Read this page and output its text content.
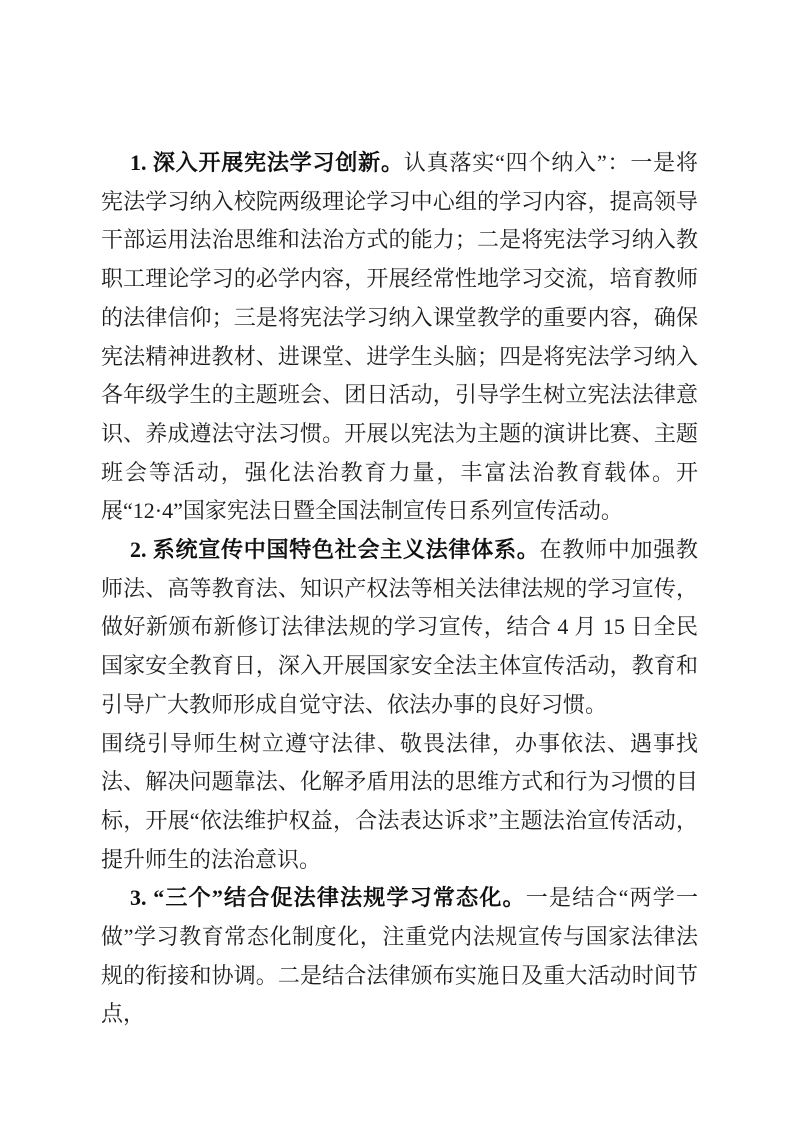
1. 深入开展宪法学习创新。认真落实“四个纳入”：一是将宪法学习纳入校院两级理论学习中心组的学习内容，提高领导干部运用法治思维和法治方式的能力；二是将宪法学习纳入教职工理论学习的必学内容，开展经常性地学习交流，培育教师的法律信仰；三是将宪法学习纳入课堂教学的重要内容，确保宪法精神进教材、进课堂、进学生头脑；四是将宪法学习纳入各年级学生的主题班会、团日活动，引导学生树立宪法法律意识、养成遵法守法习惯。开展以宪法为主题的演讲比赛、主题班会等活动，强化法治教育力量，丰富法治教育载体。开展“12·4”国家宪法日暨全国法制宣传日系列宣传活动。

2. 系统宣传中国特色社会主义法律体系。在教师中加强教师法、高等教育法、知识产权法等相关法律法规的学习宣传，做好新颁布新修订法律法规的学习宣传，结合 4 月 15 日全民国家安全教育日，深入开展国家安全法主体宣传活动，教育和引导广大教师形成自觉守法、依法办事的良好习惯。

围绕引导师生树立遵守法律、敬畏法律，办事依法、遇事找法、解决问题靠法、化解矛盾用法的思维方式和行为习惯的目标，开展“依法维护权益，合法表达诉求”主题法治宣传活动，提升师生的法治意识。

3. “三个”结合促法律法规学习常态化。一是结合“两学一做”学习教育常态化制度化，注重党内法规宣传与国家法律法规的衔接和协调。二是结合法律颁布实施日及重大活动时间节点，
